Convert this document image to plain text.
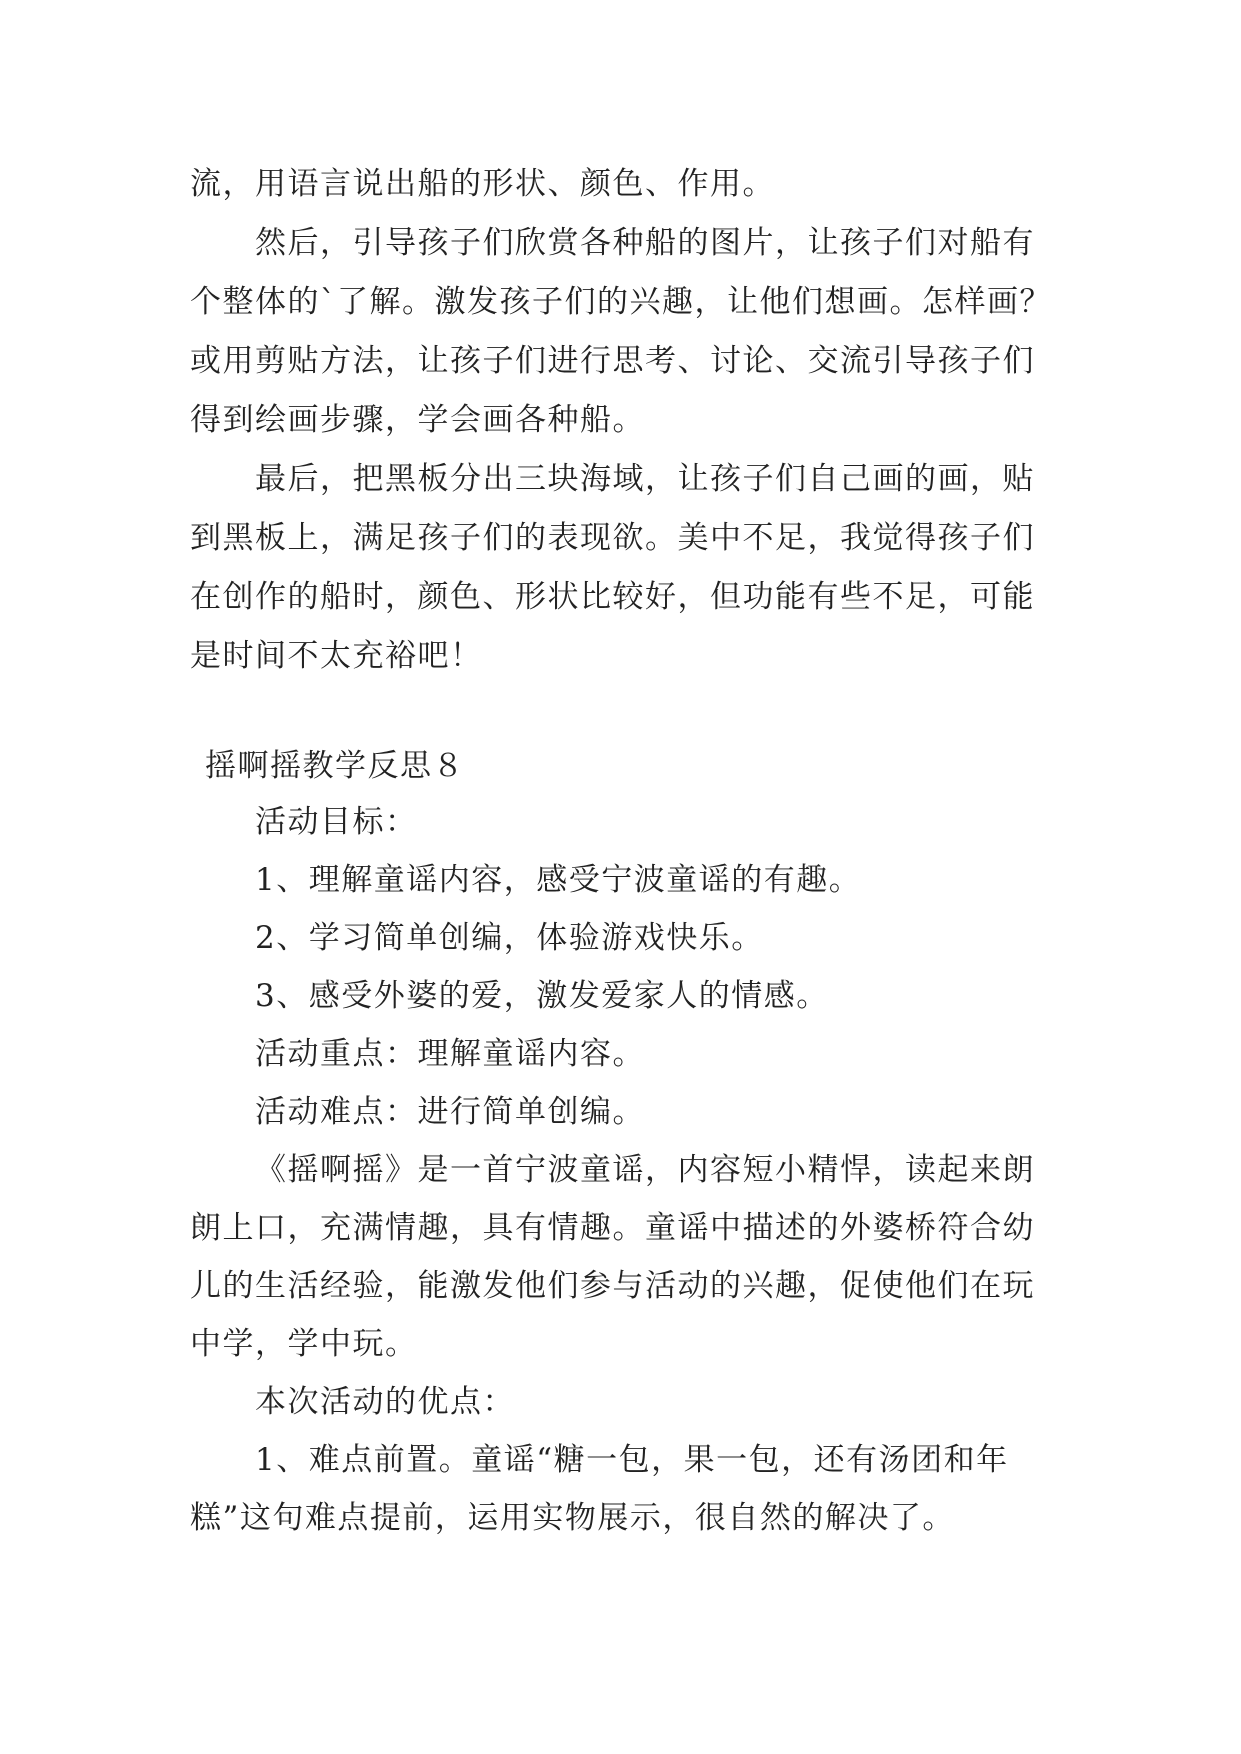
流，用语言说出船的形状、颜色、作用。
然后，引导孩子们欣赏各种船的图片，让孩子们对船有
个整体的`了解。激发孩子们的兴趣，让他们想画。怎样画？
或用剪贴方法，让孩子们进行思考、讨论、交流引导孩子们
得到绘画步骤，学会画各种船。
最后，把黑板分出三块海域，让孩子们自己画的画，贴
到黑板上，满足孩子们的表现欲。美中不足，我觉得孩子们
在创作的船时，颜色、形状比较好，但功能有些不足，可能
是时间不太充裕吧！
摇啊摇教学反思８
活动目标：
1、理解童谣内容，感受宁波童谣的有趣。
2、学习简单创编，体验游戏快乐。
3、感受外婆的爱，激发爱家人的情感。
活动重点：理解童谣内容。
活动难点：进行简单创编。
《摇啊摇》是一首宁波童谣，内容短小精悍，读起来朗
朗上口，充满情趣，具有情趣。童谣中描述的外婆桥符合幼
儿的生活经验，能激发他们参与活动的兴趣，促使他们在玩
中学，学中玩。
本次活动的优点：
1、难点前置。童谣“糖一包，果一包，还有汤团和年
糕”这句难点提前，运用实物展示，很自然的解决了。
